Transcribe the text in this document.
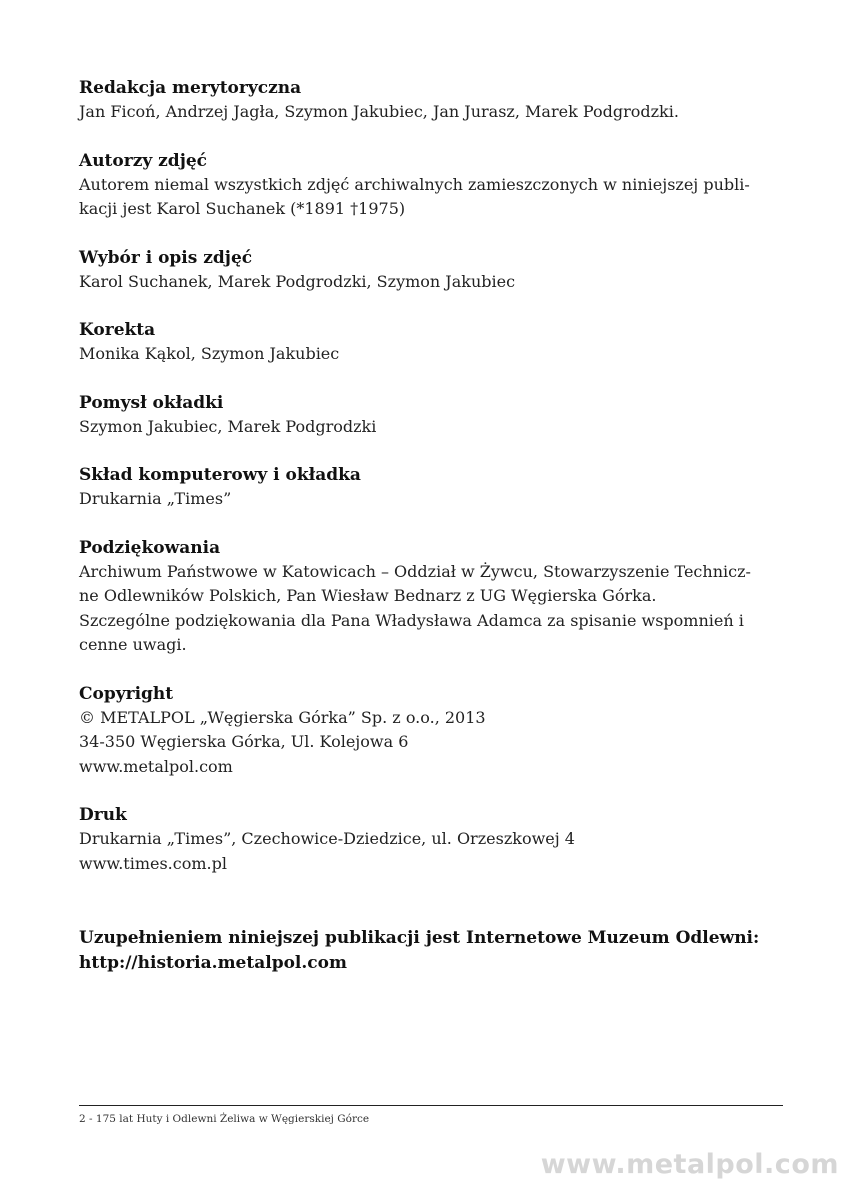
Redakcja merytoryczna

Jan Ficoń, Andrzej Jagła, Szymon Jakubiec, Jan Jurasz, Marek Podgrodzki.

Autorzy zdjęć

Autorem niemal wszystkich zdjęć archiwalnych zamieszczonych w niniejszej publi-

kacji jest Karol Suchanek (*1891 †1975)

Wybór i opis zdjęć

Karol Suchanek, Marek Podgrodzki, Szymon Jakubiec

Korekta

Monika Kąkol, Szymon Jakubiec

Pomysł okładki

Szymon Jakubiec, Marek Podgrodzki

Skład komputerowy i okładka

Drukarnia „Times”

Podziękowania

Archiwum Państwowe w Katowicach – Oddział w Żywcu, Stowarzyszenie Technicz-

ne Odlewników Polskich, Pan Wiesław Bednarz z UG Węgierska Górka.

Szczególne podziękowania dla Pana Władysława Adamca za spisanie wspomnień i

cenne uwagi.

Copyright

© METALPOL „Węgierska Górka” Sp. z o.o., 2013

34-350 Węgierska Górka, Ul. Kolejowa 6

www.metalpol.com

Druk

Drukarnia „Times”, Czechowice-Dziedzice, ul. Orzeszkowej 4

www.times.com.pl

Uzupełnieniem niniejszej publikacji jest Internetowe Muzeum Odlewni:

http://historia.metalpol.com

2 - 175 lat Huty i Odlewni Żeliwa w Węgierskiej Górce
www.metalpol.com
